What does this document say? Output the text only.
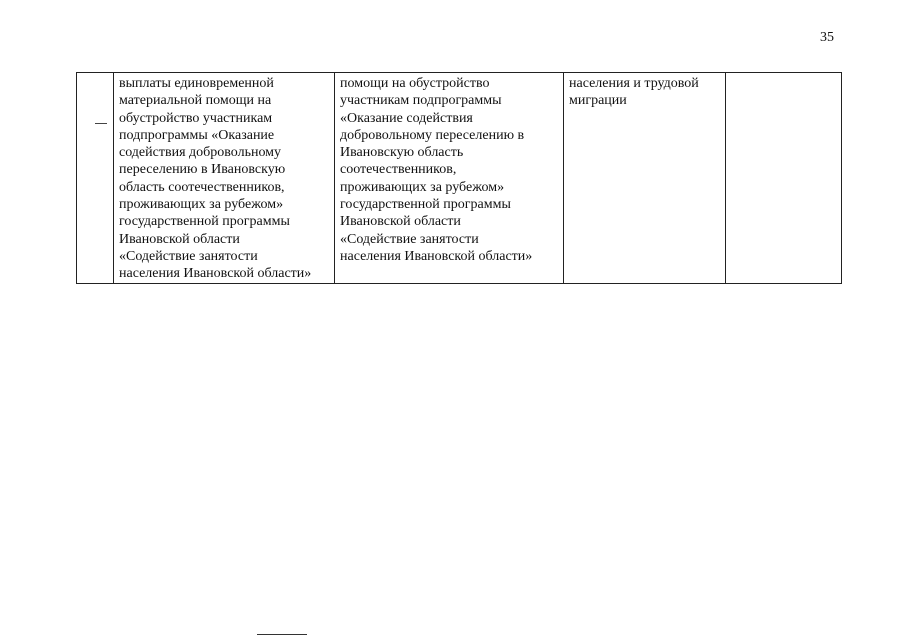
35

	выплаты единовременной
материальной помощи на
обустройство участникам
подпрограммы «Оказание
содействия добровольному
переселению в Ивановскую
область соотечественников,
проживающих за рубежом»
государственной программы
Ивановской области
«Содействие занятости
населения Ивановской области»	помощи на обустройство
участникам подпрограммы
«Оказание содействия
добровольному переселению в
Ивановскую область
соотечественников,
проживающих за рубежом»
государственной программы
Ивановской области
«Содействие занятости
населения Ивановской области»	населения и трудовой
миграции	
